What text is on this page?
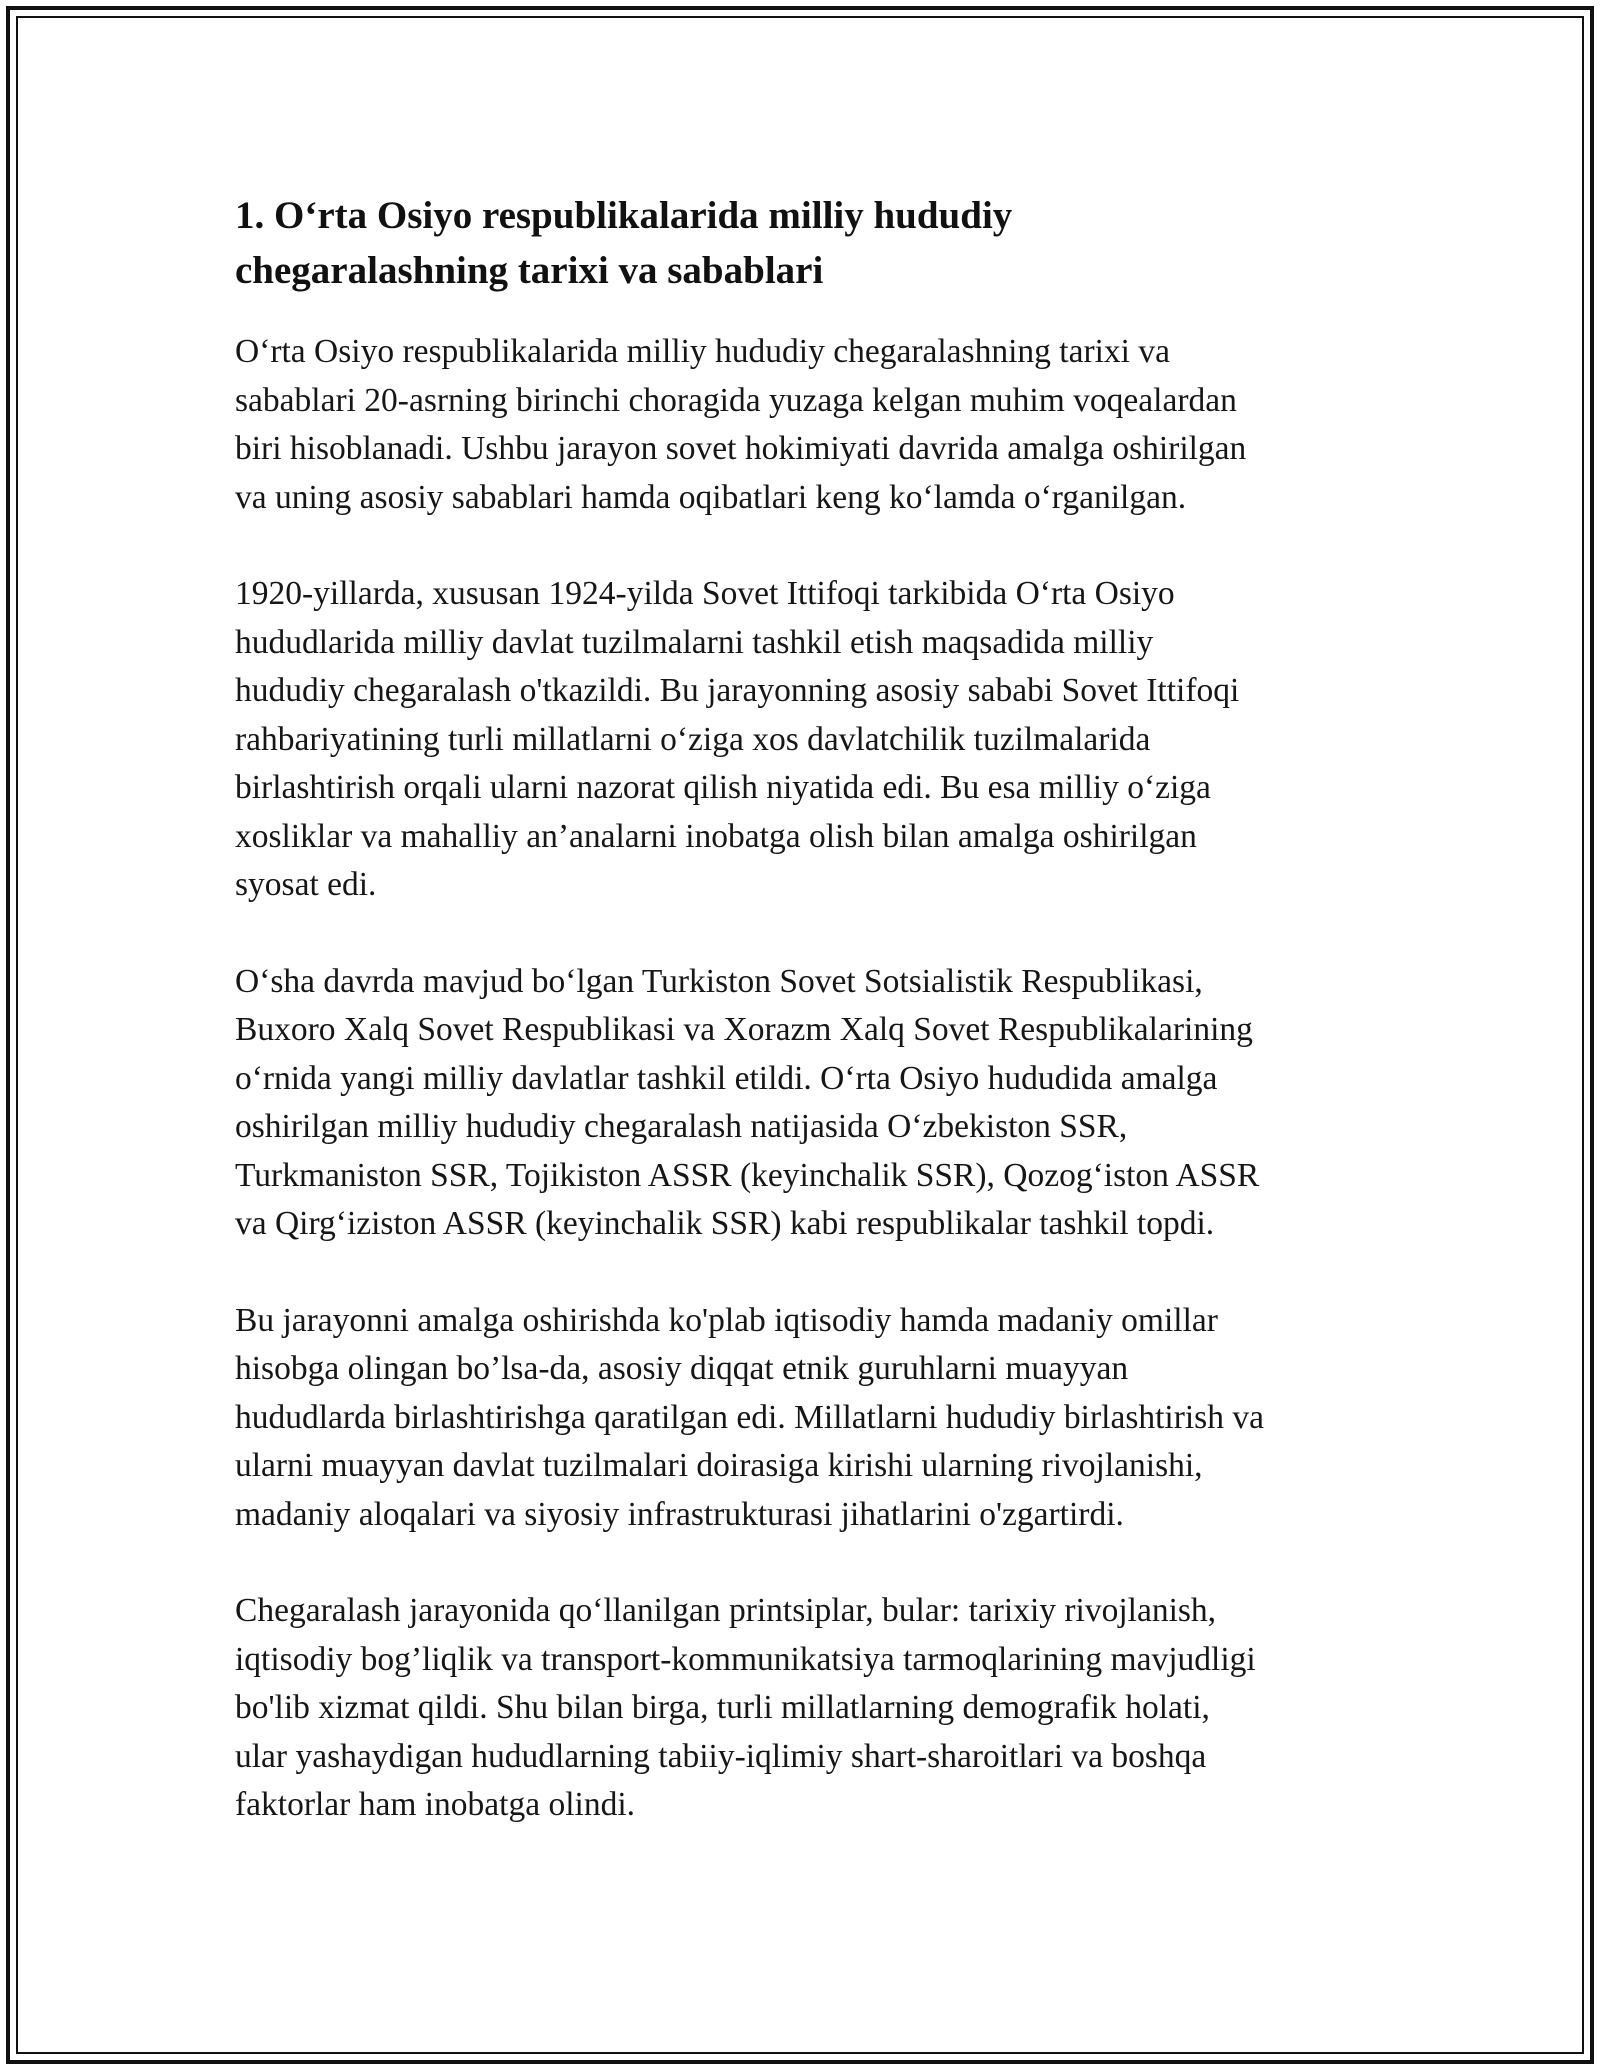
1. O‘rta Osiyo respublikalarida milliy hududiy
chegaralashning tarixi va sabablari

O‘rta Osiyo respublikalarida milliy hududiy chegaralashning tarixi va
sabablari 20-asrning birinchi choragida yuzaga kelgan muhim voqealardan
biri hisoblanadi. Ushbu jarayon sovet hokimiyati davrida amalga oshirilgan
va uning asosiy sabablari hamda oqibatlari keng ko‘lamda o‘rganilgan.

1920-yillarda, xususan 1924-yilda Sovet Ittifoqi tarkibida O‘rta Osiyo
hududlarida milliy davlat tuzilmalarni tashkil etish maqsadida milliy
hududiy chegaralash o'tkazildi. Bu jarayonning asosiy sababi Sovet Ittifoqi
rahbariyatining turli millatlarni o‘ziga xos davlatchilik tuzilmalarida
birlashtirish orqali ularni nazorat qilish niyatida edi. Bu esa milliy o‘ziga
xosliklar va mahalliy an’analarni inobatga olish bilan amalga oshirilgan
syosat edi.

O‘sha davrda mavjud bo‘lgan Turkiston Sovet Sotsialistik Respublikasi,
Buxoro Xalq Sovet Respublikasi va Xorazm Xalq Sovet Respublikalarining
o‘rnida yangi milliy davlatlar tashkil etildi. O‘rta Osiyo hududida amalga
oshirilgan milliy hududiy chegaralash natijasida O‘zbekiston SSR,
Turkmaniston SSR, Tojikiston ASSR (keyinchalik SSR), Qozog‘iston ASSR
va Qirg‘iziston ASSR (keyinchalik SSR) kabi respublikalar tashkil topdi.

Bu jarayonni amalga oshirishda ko'plab iqtisodiy hamda madaniy omillar
hisobga olingan bo’lsa-da, asosiy diqqat etnik guruhlarni muayyan
hududlarda birlashtirishga qaratilgan edi. Millatlarni hududiy birlashtirish va
ularni muayyan davlat tuzilmalari doirasiga kirishi ularning rivojlanishi,
madaniy aloqalari va siyosiy infrastrukturasi jihatlarini o'zgartirdi.

Chegaralash jarayonida qo‘llanilgan printsiplar, bular: tarixiy rivojlanish,
iqtisodiy bog’liqlik va transport-kommunikatsiya tarmoqlarining mavjudligi
bo'lib xizmat qildi. Shu bilan birga, turli millatlarning demografik holati,
ular yashaydigan hududlarning tabiiy-iqlimiy shart-sharoitlari va boshqa
faktorlar ham inobatga olindi.
